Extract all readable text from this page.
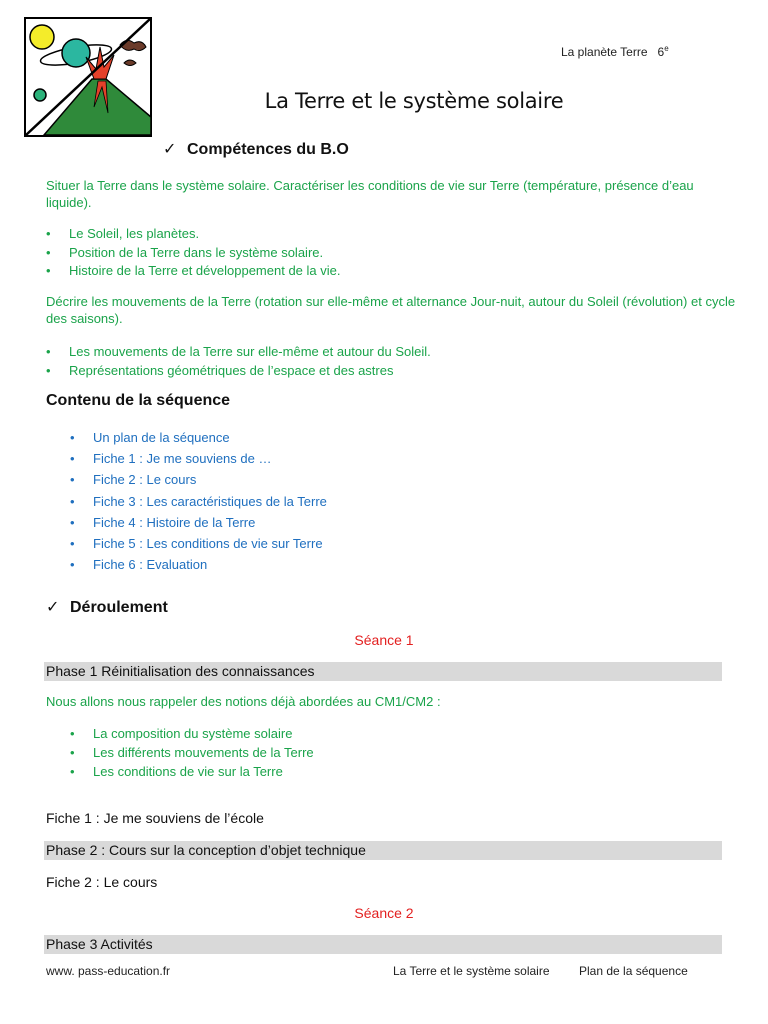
La planète Terre 6e
La Terre et le système solaire
✓ Compétences du B.O
Situer la Terre dans le système solaire. Caractériser les conditions de vie sur Terre (température, présence d’eau liquide).
• Le Soleil, les planètes.
• Position de la Terre dans le système solaire.
• Histoire de la Terre et développement de la vie.
Décrire les mouvements de la Terre (rotation sur elle-même et alternance Jour-nuit, autour du Soleil (révolution) et cycle des saisons).
• Les mouvements de la Terre sur elle-même et autour du Soleil.
• Représentations géométriques de l’espace et des astres
Contenu de la séquence
• Un plan de la séquence
• Fiche 1 : Je me souviens de …
• Fiche 2 : Le cours
• Fiche 3 : Les caractéristiques de la Terre
• Fiche 4 : Histoire de la Terre
• Fiche 5 : Les conditions de vie sur Terre
• Fiche 6 : Evaluation
✓ Déroulement
Séance 1
Phase 1 Réinitialisation des connaissances
Nous allons nous rappeler des notions déjà abordées au CM1/CM2 :
• La composition du système solaire
• Les différents mouvements de la Terre
• Les conditions de vie sur la Terre
Fiche 1 : Je me souviens de l’école
Phase 2 : Cours sur la conception d’objet technique
Fiche 2 : Le cours
Séance 2
Phase 3 Activités
www. pass-education.fr	La Terre et le système solaire Plan de la séquence
